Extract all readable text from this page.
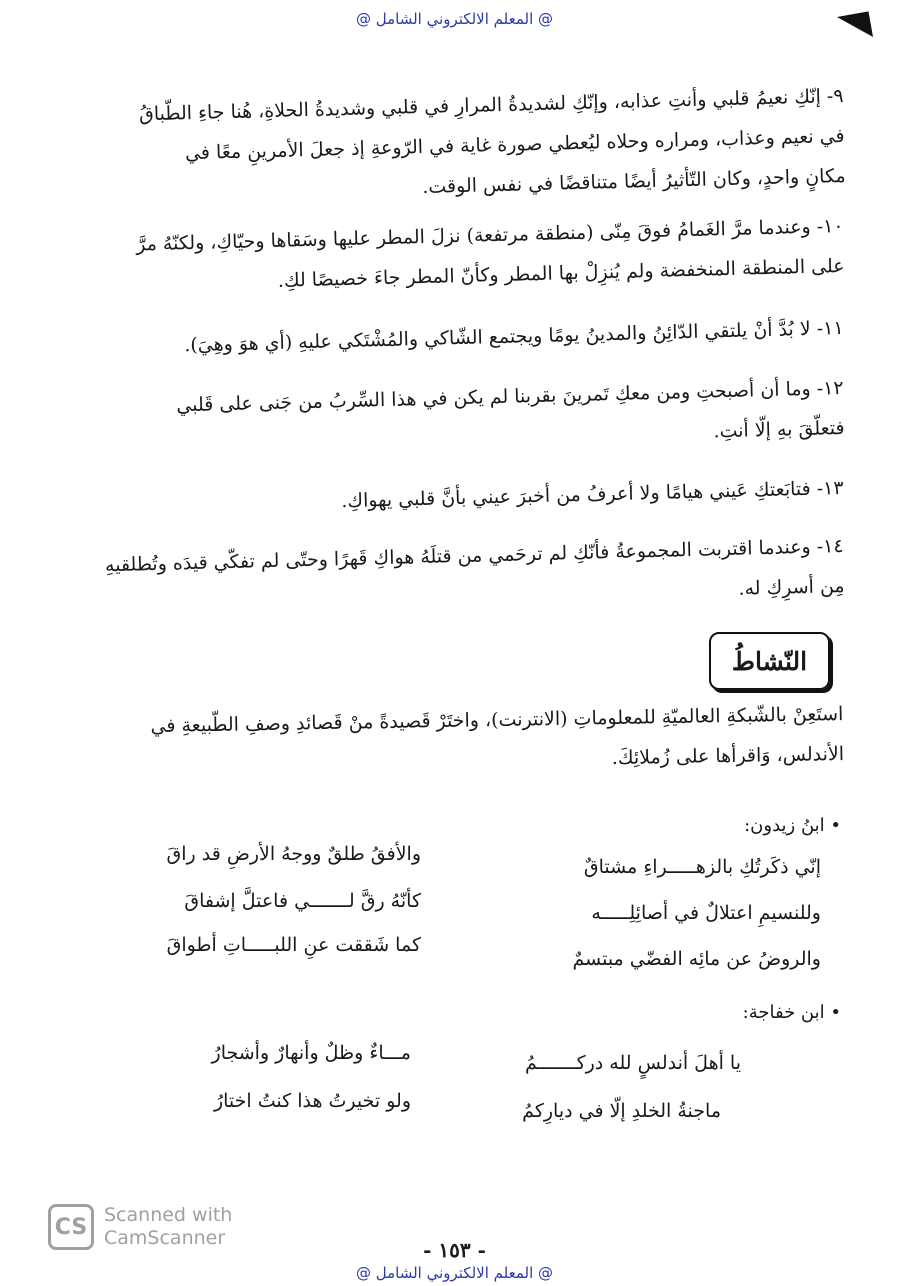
@ المعلم الالكتروني الشامل @
٩-إنّكِ نعيمُ قلبي وأنتِ عذابه، وإنّكِ لشديدةُ المرارِ في قلبي وشديدةُ الحلاةِ، هُنا جاءِ الطّباقُ
في نعيم وعذاب، ومراره وحلاه ليُعطي صورة غاية في الرّوعةِ إذ جعلَ الأمرينِ معًا في
مكانٍ واحدٍ، وكان التّأثيرُ أيضًا متناقضًا في نفس الوقت.
١٠-وعندما مرَّ الغَمامُ فوقَ مِنّى (منطقة مرتفعة) نزلَ المطر عليها وسَقاها وحيّاكِ، ولكنّهُ مرَّ
على المنطقة المنخفضة ولم يُنزِلْ بها المطر وكأنّ المطر جاءَ خصيصًا لكِ.
١١-لا بُدَّ أنْ يلتقي الدّائِنُ والمدينُ يومًا ويجتمع الشّاكي والمُشْتَكي عليهِ (أي هوَ وهِيَ).
١٢-وما أن أصبحتِ ومن معكِ تَمرينَ بقربنا لم يكن في هذا السِّربُ من جَنى على قَلبي
فتعلّقَ بهِ إلّا أنتِ.
١٣-فتابَعتكِ عَيني هيامًا ولا أعرفُ من أخبرَ عيني بأنَّ قلبي يهواكِ.
١٤-وعندما اقتربت المجموعةُ فأنّكِ لم ترحَمي من قتلَهُ هواكِ قَهرًا وحتّى لم تفكّي قيدَه وتُطلقيهِ
مِن أسرِكِ له.
النّشاطُ
استَعِنْ بالشّبكةِ العالميّةِ للمعلوماتِ (الانترنت)، واختَرْ قَصيدةً منْ قَصائدِ وصفِ الطّبيعةِ في
الأندلس، وَاقرأها على زُملائِكَ.
• ابنُ زيدون:
إنّي ذكَرتُكِ بالزهـــــراءِ مشتاقٌ
والأفقُ طلقٌ ووجهُ الأرضِ قد راقَ
وللنسيمِ اعتلالٌ في أصائِلِـــــه
كأنّهُ رقَّ لـــــــي فاعتلَّ إشفاقَ
والروضُ عن مائِه الفضّي مبتسمٌ
كما شَققت عنِ اللبـــــاتِ أطواقَ
• ابن خفاجة:
يا أهلَ أندلسٍ لله دركـــــــمُ
مـــاءٌ وظلٌ وأنهارٌ وأشجارُ
ماجنةُ الخلدِ إلّا في ديارِكمُ
ولو تخيرتُ هذا كنتُ اختارُ
CS Scanned with
CamScanner	- ١٥٣ -
@ المعلم الالكتروني الشامل @
